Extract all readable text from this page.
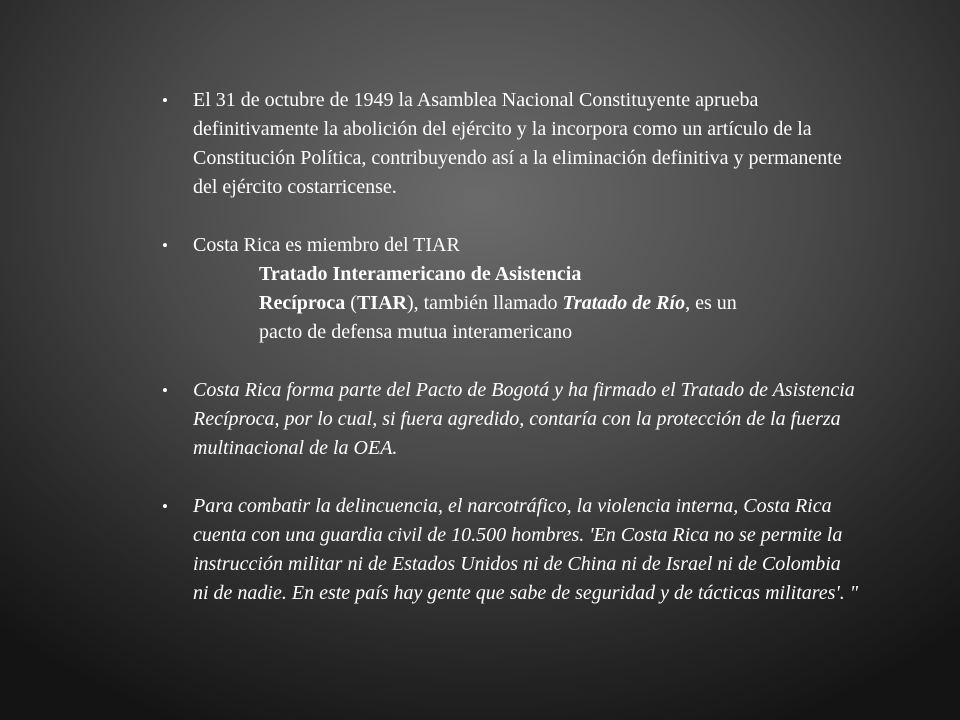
• El 31 de octubre de 1949 la Asamblea Nacional Constituyente aprueba definitivamente la abolición del ejército y la incorpora como un artículo de la Constitución Política, contribuyendo así a la eliminación definitiva y permanente del ejército costarricense.
• Costa Rica es miembro del TIAR
Tratado Interamericano de Asistencia
Recíproca (TIAR), también llamado Tratado de Río, es un
pacto de defensa mutua interamericano
• Costa Rica forma parte del Pacto de Bogotá y ha firmado el Tratado de Asistencia Recíproca, por lo cual, si fuera agredido, contaría con la protección de la fuerza multinacional de la OEA.
• Para combatir la delincuencia, el narcotráfico, la violencia interna, Costa Rica cuenta con una guardia civil de 10.500 hombres. 'En Costa Rica no se permite la instrucción militar ni de Estados Unidos ni de China ni de Israel ni de Colombia ni de nadie. En este país hay gente que sabe de seguridad y de tácticas militares'. "
